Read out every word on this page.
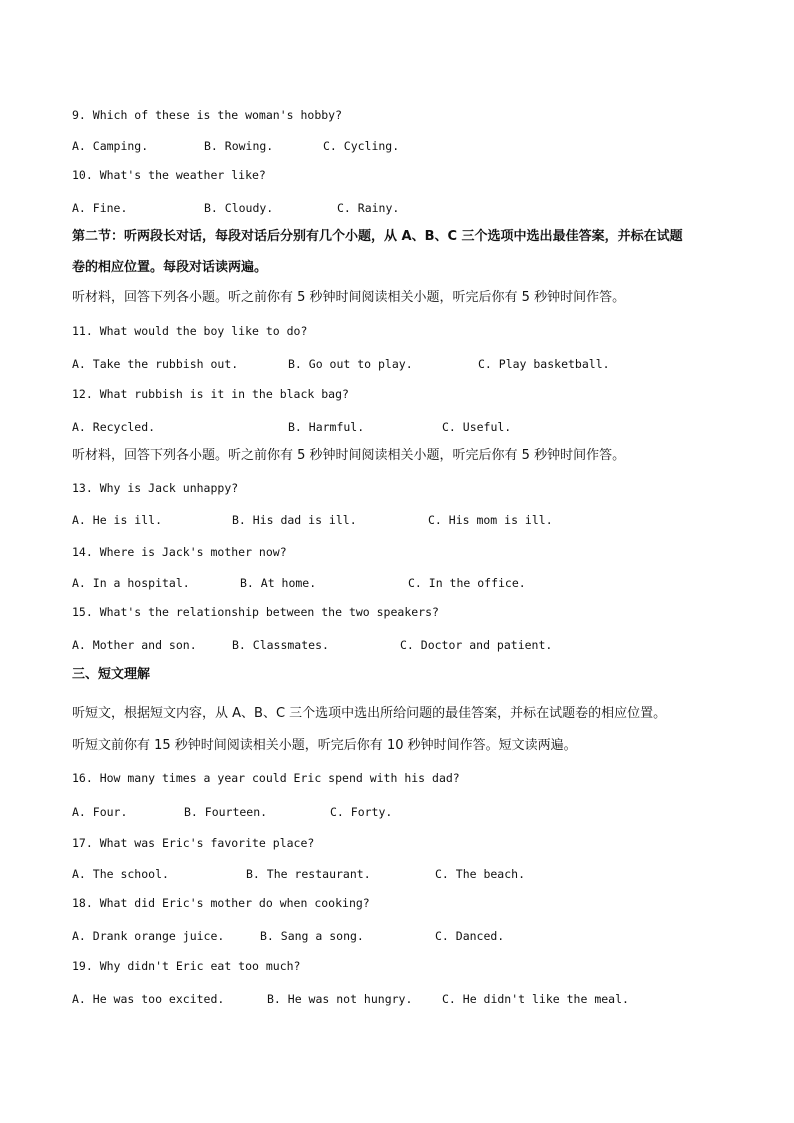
9. Which of these is the woman's hobby?
A. Camping.	B. Rowing.	C. Cycling.
10. What's the weather like?
A. Fine.	B. Cloudy.	C. Rainy.
第二节：听两段长对话，每段对话后分别有几个小题，从 A、B、C 三个选项中选出最佳答案，并标在试题
卷的相应位置。每段对话读两遍。
听材料，回答下列各小题。听之前你有 5 秒钟时间阅读相关小题，听完后你有 5 秒钟时间作答。
11. What would the boy like to do?
A. Take the rubbish out.	B. Go out to play.	C. Play basketball.
12. What rubbish is it in the black bag?
A. Recycled.	B. Harmful.	C. Useful.
听材料，回答下列各小题。听之前你有 5 秒钟时间阅读相关小题，听完后你有 5 秒钟时间作答。
13. Why is Jack unhappy?
A. He is ill.	B. His dad is ill.	C. His mom is ill.
14. Where is Jack's mother now?
A. In a hospital.	B. At home.	C. In the office.
15. What's the relationship between the two speakers?
A. Mother and son.	B. Classmates.	C. Doctor and patient.
三、短文理解
听短文，根据短文内容，从 A、B、C 三个选项中选出所给问题的最佳答案，并标在试题卷的相应位置。
听短文前你有 15 秒钟时间阅读相关小题，听完后你有 10 秒钟时间作答。短文读两遍。
16. How many times a year could Eric spend with his dad?
A. Four.	B. Fourteen.	C. Forty.
17. What was Eric's favorite place?
A. The school.	B. The restaurant.	C. The beach.
18. What did Eric's mother do when cooking?
A. Drank orange juice.	B. Sang a song.	C. Danced.
19. Why didn't Eric eat too much?
A. He was too excited.	B. He was not hungry.	C. He didn't like the meal.
